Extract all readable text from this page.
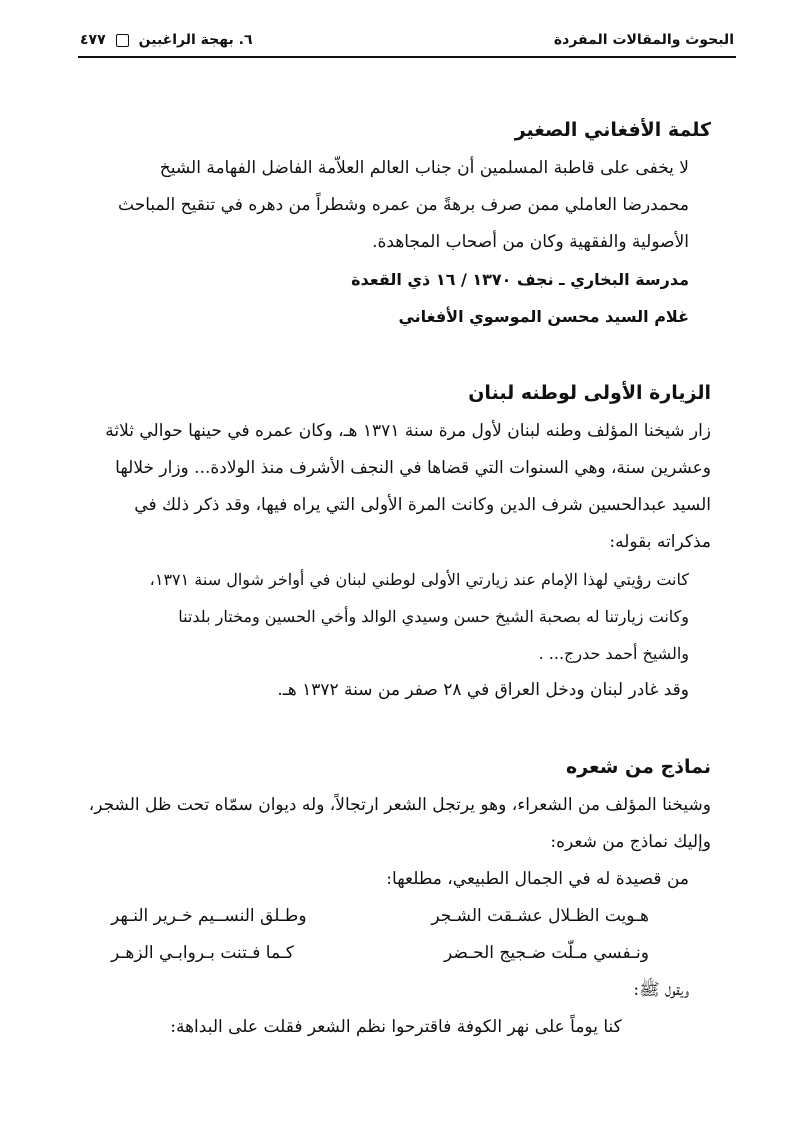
البحوث والمقالات المفردة
٦. بهجة الراغبين
٤٧٧
كلمة الأفغاني الصغير

لا يخفى على قاطبة المسلمين أن جناب العالم العلاّمة الفاضل الفهامة الشيخ

محمدرضا العاملي ممن صرف برهةً من عمره وشطراً من دهره في تنقيح المباحث

الأصولية والفقهية وكان من أصحاب المجاهدة.

مدرسة البخاري ـ نجف ١٣٧٠ / ١٦ ذي القعدة

غلام السيد محسن الموسوي الأفغاني

الزيارة الأولى لوطنه لبنان

زار شيخنا المؤلف وطنه لبنان لأول مرة سنة ١٣٧١ هـ، وكان عمره في حينها حوالي ثلاثة

وعشرين سنة، وهي السنوات التي قضاها في النجف الأشرف منذ الولادة... وزار خلالها

السيد عبدالحسين شرف الدين وكانت المرة الأولى التي يراه فيها، وقد ذكر ذلك في

مذكراته بقوله:

كانت رؤيتي لهذا الإمام عند زيارتي الأولى لوطني لبنان في أواخر شوال سنة ١٣٧١،

وكانت زيارتنا له بصحبة الشيخ حسن وسيدي الوالد وأخي الحسين ومختار بلدتنا

والشيخ أحمد حدرج... .

وقد غادر لبنان ودخل العراق في ٢٨ صفر من سنة ١٣٧٢ هـ.

نماذج من شعره

وشيخنا المؤلف من الشعراء، وهو يرتجل الشعر ارتجالاً، وله ديوان سمّاه تحت ظل الشجر،

وإليك نماذج من شعره:

من قصيدة له في الجمال الطبيعي، مطلعها:

هـويت الظـلال عشـقت الشـجر
وطـلق النســيم خـرير النـهر
ونـفسي مـلّت ضـجيج الحـضر
كـما فـتنت بـروابـي الزهـر

ويقول ﷺ:

كنا يوماً على نهر الكوفة فاقترحوا نظم الشعر فقلت على البداهة:
